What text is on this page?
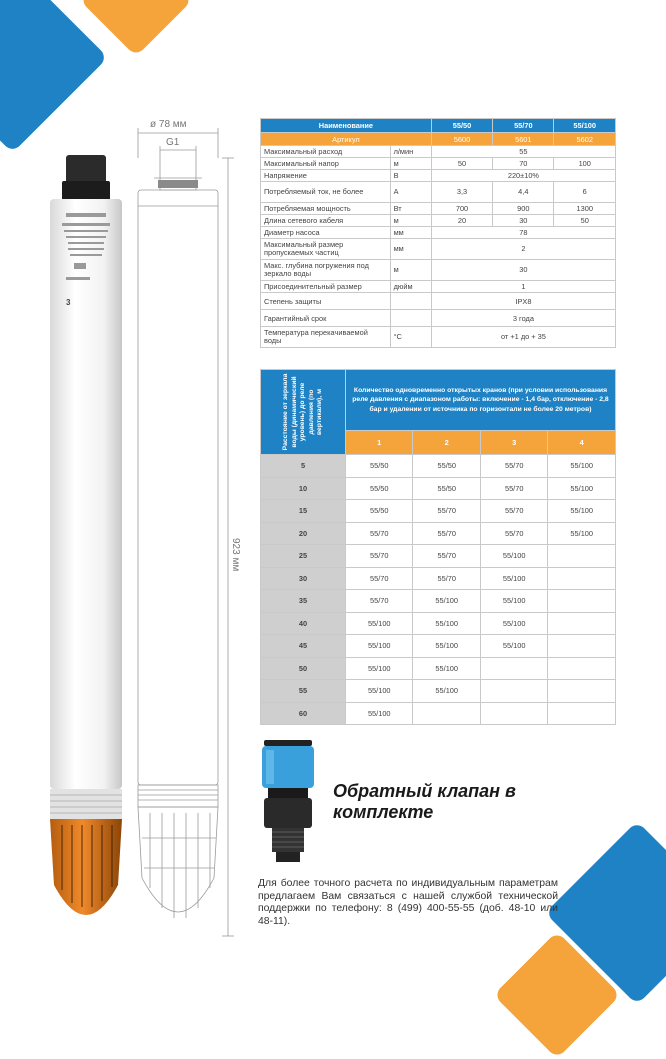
3
ø 78 мм
G1
923 мм
Наименование		55/50	55/70	55/100
Артикул		5600	5601	5602
Максимальный расход	л/мин	55		
Максимальный напор	м	50	70	100
Напряжение	В	220±10%		
Потребляемый ток, не более	А	3,3	4,4	6
Потребляемая мощность	Вт	700	900	1300
Длина сетевого кабеля	м	20	30	50
Диаметр насоса	мм	78		
Максимальный размер пропускаемых частиц	мм	2		
Макс. глубина погружения под зеркало воды	м	30		
Присоединительный размер	дюйм	1		
Степень защиты		IPX8		
Гарантийный срок		3 года		
Температура перекачиваемой воды	°C	от +1 до + 35		
Расстояние от зеркала воды (динамический уровень) до реле давления (по вертикали), м	Количество одновременно открытых кранов (при условии использования реле давления с диапазоном работы: включение - 1,4 бар, отключение - 2,8 бар и удалении от источника по горизонтали не более 20 метров)			
	1	2	3	4
5	55/50	55/50	55/70	55/100
10	55/50	55/50	55/70	55/100
15	55/50	55/70	55/70	55/100
20	55/70	55/70	55/70	55/100
25	55/70	55/70	55/100	
30	55/70	55/70	55/100	
35	55/70	55/100	55/100	
40	55/100	55/100	55/100	
45	55/100	55/100	55/100	
50	55/100	55/100		
55	55/100	55/100		
60	55/100			
Обратный клапан в комплекте
Для более точного расчета по индивидуальным параметрам предлагаем Вам связаться с нашей службой технической поддержки по телефону: 8 (499) 400-55-55 (доб. 48-10 или 48-11).
